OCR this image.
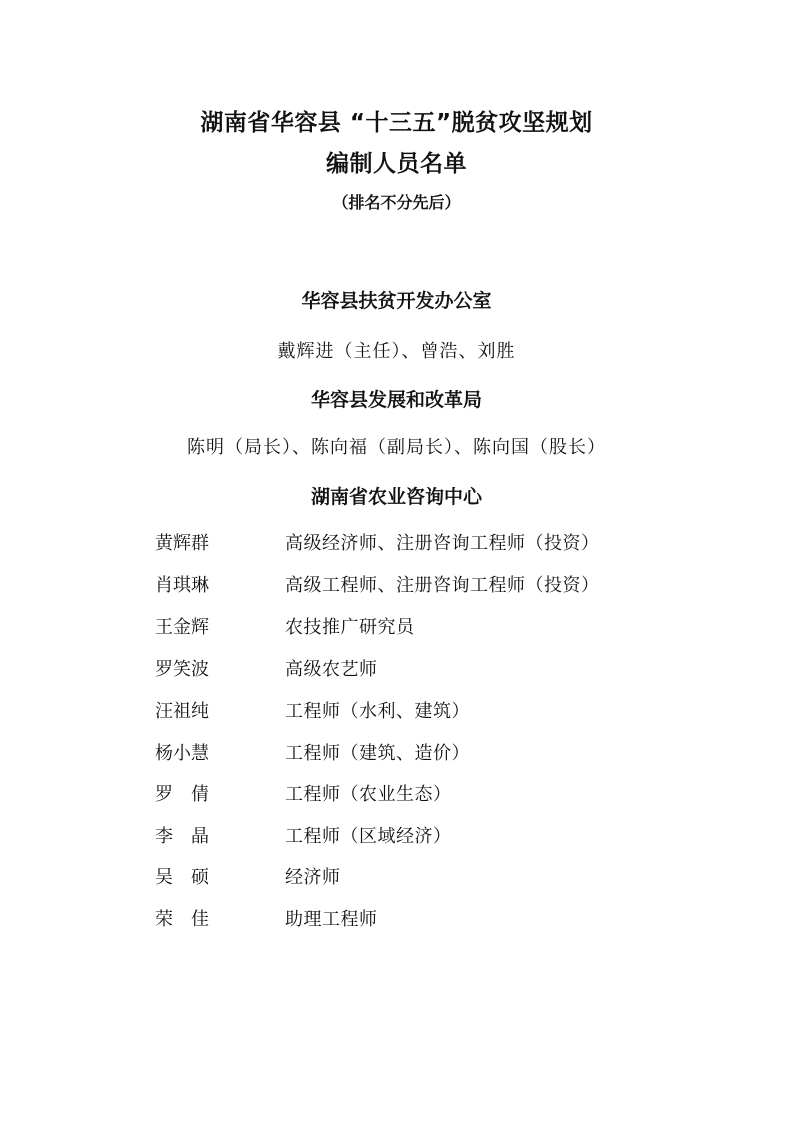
湖南省华容县 “十三五”脱贫攻坚规划
编制人员名单
（排名不分先后）
华容县扶贫开发办公室
戴辉进（主任）、曾浩、刘胜
华容县发展和改革局
陈明（局长）、陈向福（副局长）、陈向国（股长）
湖南省农业咨询中心
黄辉群	高级经济师、注册咨询工程师（投资）
肖琪琳	高级工程师、注册咨询工程师（投资）
王金辉	农技推广研究员
罗笑波	高级农艺师
汪祖纯	工程师（水利、建筑）
杨小慧	工程师（建筑、造价）
罗　倩	工程师（农业生态）
李　晶	工程师（区域经济）
吴　硕	经济师
荣　佳	助理工程师
